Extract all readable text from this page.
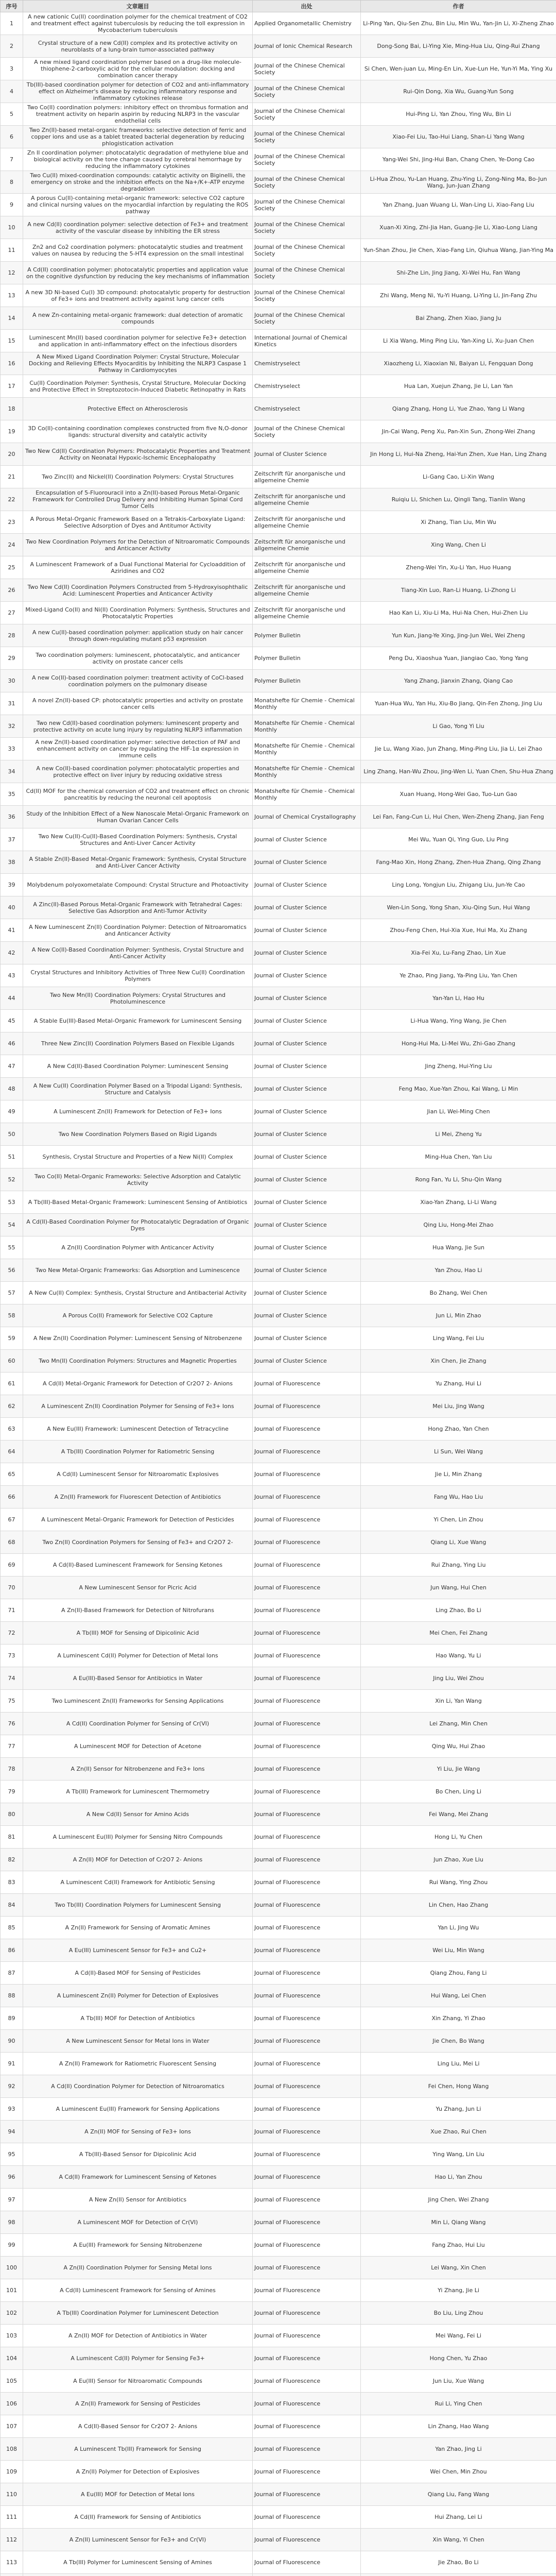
序号	文章题目	出处	作者
1	A new cationic Cu(II) coordination polymer for the chemical treatment of CO2 and treatment effect against tuberculosis by reducing the toll expression in Mycobacterium tuberculosis	Applied Organometallic Chemistry	Li-Ping Yan, Qiu-Sen Zhu, Bin Liu, Min Wu, Yan-Jin Li, Xi-Zheng Zhao
2	Crystal structure of a new Cd(II) complex and its protective activity on neuroblasts of a lung-brain tumor-associated pathway	Journal of Ionic Chemical Research	Dong-Song Bai, Li-Ying Xie, Ming-Hua Liu, Qing-Rui Zhang
3	A new mixed ligand coordination polymer based on a drug-like molecule-thiophene-2-carboxylic acid for the cellular modulation: docking and combination cancer therapy	Journal of the Chinese Chemical Society	Si Chen, Wen-juan Lu, Ming-En Lin, Xue-Lun He, Yun-Yi Ma, Ying Xu
4	Tb(III)-based coordination polymer for detection of CO2 and anti-inflammatory effect on Alzheimer's disease by reducing inflammatory response and inflammatory cytokines release	Journal of the Chinese Chemical Society	Rui-Qin Dong, Xia Wu, Guang-Yun Song
5	Two Co(II) coordination polymers: inhibitory effect on thrombus formation and treatment activity on heparin aspirin by reducing NLRP3 in the vascular endothelial cells	Journal of the Chinese Chemical Society	Hui-Ping Li, Yan Zhou, Ying Wu, Bin Li
6	Two Zn(II)-based metal-organic frameworks: selective detection of ferric and copper ions and use as a tablet treated bacterial degeneration by reducing phlogistication activation	Journal of the Chinese Chemical Society	Xiao-Fei Liu, Tao-Hui Liang, Shan-Li Yang Wang
7	Zn II coordination polymer: photocatalytic degradation of methylene blue and biological activity on the tone change caused by cerebral hemorrhage by reducing the inflammatory cytokines	Journal of the Chinese Chemical Society	Yang-Wei Shi, Jing-Hui Ban, Chang Chen, Ye-Dong Cao
8	Two Cu(II) mixed-coordination compounds: catalytic activity on Biginelli, the emergency on stroke and the inhibition effects on the Na+/K+-ATP enzyme degradation	Journal of the Chinese Chemical Society	Li-Hua Zhou, Yu-Lan Huang, Zhu-Ying Li, Zong-Ning Ma, Bo-Jun Wang, Jun-Juan Zhang
9	A porous Cu(II)-containing metal-organic framework: selective CO2 capture and clinical nursing values on the myocardial infarction by regulating the ROS pathway	Journal of the Chinese Chemical Society	Yan Zhang, Juan Wuang Li, Wan-Ling Li, Xiao-Fang Liu
10	A new Cd(II) coordination polymer: selective detection of Fe3+ and treatment activity of the vascular disease by inhibiting the ER stress	Journal of the Chinese Chemical Society	Xuan-Xi Xing, Zhi-Jia Han, Guang-Jie Li, Xiao-Long Liang
11	Zn2 and Co2 coordination polymers: photocatalytic studies and treatment values on nausea by reducing the 5-HT4 expression on the small intestinal	Journal of the Chinese Chemical Society	Yun-Shan Zhou, Jie Chen, Xiao-Fang Lin, Qiuhua Wang, Jian-Ying Ma
12	A Cd(II) coordination polymer: photocatalytic properties and application value on the cognitive dysfunction by reducing the key mechanisms of inflammation	Journal of the Chinese Chemical Society	Shi-Zhe Lin, Jing Jiang, Xi-Wei Hu, Fan Wang
13	A new 3D Ni-based Cu(I) 3D compound: photocatalytic property for destruction of Fe3+ ions and treatment activity against lung cancer cells	Journal of the Chinese Chemical Society	Zhi Wang, Meng Ni, Yu-Yi Huang, Li-Ying Li, Jin-Fang Zhu
14	A new Zn-containing metal-organic framework: dual detection of aromatic compounds	Journal of the Chinese Chemical Society	Bai Zhang, Zhen Xiao, Jiang Ju
15	Luminescent Mn(II) based coordination polymer for selective Fe3+ detection and application in anti-inflammatory effect on the infectious disorders	International Journal of Chemical Kinetics	Li Xia Wang, Ming Ping Liu, Yan-Xing Li, Xu-Juan Chen
16	A New Mixed Ligand Coordination Polymer: Crystal Structure, Molecular Docking and Relieving Effects Myocarditis by Inhibiting the NLRP3 Caspase 1 Pathway in Cardiomyocytes	Chemistryselect	Xiaozheng Li, Xiaoxian Ni, Baiyan Li, Fengquan Dong
17	Cu(II) Coordination Polymer: Synthesis, Crystal Structure, Molecular Docking and Protective Effect in Streptozotocin-Induced Diabetic Retinopathy in Rats	Chemistryselect	Hua Lan, Xuejun Zhang, Jie Li, Lan Yan
18	Protective Effect on Atherosclerosis	Chemistryselect	Qiang Zhang, Hong Li, Yue Zhao, Yang Li Wang
19	3D Co(II)-containing coordination complexes constructed from five N,O-donor ligands: structural diversity and catalytic activity	Journal of the Chinese Chemical Society	Jin-Cai Wang, Peng Xu, Pan-Xin Sun, Zhong-Wei Zhang
20	Two New Cd(II) Coordination Polymers: Photocatalytic Properties and Treatment Activity on Neonatal Hypoxic-Ischemic Encephalopathy	Journal of Cluster Science	Jin Hong Li, Hui-Na Zheng, Hai-Yun Zhen, Xue Han, Ling Zhang
21	Two Zinc(II) and Nickel(II) Coordination Polymers: Crystal Structures	Zeitschrift für anorganische und allgemeine Chemie	Li-Gang Cao, Li-Xin Wang
22	Encapsulation of 5-Fluorouracil into a Zn(II)-based Porous Metal-Organic Framework for Controlled Drug Delivery and Inhibiting Human Spinal Cord Tumor Cells	Zeitschrift für anorganische und allgemeine Chemie	Ruiqiu Li, Shichen Lu, Qingli Tang, Tianlin Wang
23	A Porous Metal-Organic Framework Based on a Tetrakis-Carboxylate Ligand: Selective Adsorption of Dyes and Antitumor Activity	Zeitschrift für anorganische und allgemeine Chemie	Xi Zhang, Tian Liu, Min Wu
24	Two New Coordination Polymers for the Detection of Nitroaromatic Compounds and Anticancer Activity	Zeitschrift für anorganische und allgemeine Chemie	Xing Wang, Chen Li
25	A Luminescent Framework of a Dual Functional Material for Cycloaddition of Aziridines and CO2	Zeitschrift für anorganische und allgemeine Chemie	Zheng-Wei Yin, Xu-Li Yan, Huo Huang
26	Two New Cd(II) Coordination Polymers Constructed from 5-Hydroxyisophthalic Acid: Luminescent Properties and Anticancer Activity	Zeitschrift für anorganische und allgemeine Chemie	Tiang-Xin Luo, Ran-Li Huang, Li-Zhong Li
27	Mixed-Ligand Co(II) and Ni(II) Coordination Polymers: Synthesis, Structures and Photocatalytic Properties	Zeitschrift für anorganische und allgemeine Chemie	Hao Kan Li, Xiu-Li Ma, Hui-Na Chen, Hui-Zhen Liu
28	A new Cu(II)-based coordination polymer: application study on hair cancer through down-regulating mutant p53 expression	Polymer Bulletin	Yun Kun, Jiang-Ye Xing, Jing-Jun Wei, Wei Zheng
29	Two coordination polymers: luminescent, photocatalytic, and anticancer activity on prostate cancer cells	Polymer Bulletin	Peng Du, Xiaoshua Yuan, Jiangiao Cao, Yong Yang
30	A new Co(II)-based coordination polymer: treatment activity of CoCl-based coordination polymers on the pulmonary disease	Polymer Bulletin	Yang Zhang, Jianxin Zhang, Qiang Cao
31	A novel Zn(II)-based CP: photocatalytic properties and activity on prostate cancer cells	Monatshefte für Chemie - Chemical Monthly	Yuan-Hua Wu, Yan Hu, Xiu-Bo Jiang, Qin-Fen Zhong, Jing Liu
32	Two new Cd(II)-based coordination polymers: luminescent property and protective activity on acute lung injury by regulating NLRP3 inflammation	Monatshefte für Chemie - Chemical Monthly	Li Gao, Yong Yi Liu
33	A new Zn(II)-based coordination polymer: selective detection of PAF and enhancement activity on cancer by regulating the HIF-1α expression in immune cells	Monatshefte für Chemie - Chemical Monthly	Jie Lu, Wang Xiao, Jun Zhang, Ming-Ping Liu, Jia Li, Lei Zhao
34	A new Co(II)-based coordination polymer: photocatalytic properties and protective effect on liver injury by reducing oxidative stress	Monatshefte für Chemie - Chemical Monthly	Ling Zhang, Han-Wu Zhou, Jing-Wen Li, Yuan Chen, Shu-Hua Zhang
35	Cd(II) MOF for the chemical conversion of CO2 and treatment effect on chronic pancreatitis by reducing the neuronal cell apoptosis	Monatshefte für Chemie - Chemical Monthly	Xuan Huang, Hong-Wei Gao, Tuo-Lun Gao
36	Study of the Inhibition Effect of a New Nanoscale Metal-Organic Framework on Human Ovarian Cancer Cells	Journal of Chemical Crystallography	Lei Fan, Fang-Cun Li, Hui Chen, Wen-Zheng Zhang, Jian Feng
37	Two New Cu(II)-Cu(II)-Based Coordination Polymers: Synthesis, Crystal Structures and Anti-Liver Cancer Activity	Journal of Cluster Science	Mei Wu, Yuan Qi, Ying Guo, Liu Ping
38	A Stable Zn(II)-Based Metal-Organic Framework: Synthesis, Crystal Structure and Anti-Liver Cancer Activity	Journal of Cluster Science	Fang-Mao Xin, Hong Zhang, Zhen-Hua Zhang, Qing Zhang
39	Molybdenum polyoxometalate Compound: Crystal Structure and Photoactivity	Journal of Cluster Science	Ling Long, Yongjun Liu, Zhigang Liu, Jun-Ye Cao
40	A Zinc(II)-Based Porous Metal-Organic Framework with Tetrahedral Cages: Selective Gas Adsorption and Anti-Tumor Activity	Journal of Cluster Science	Wen-Lin Song, Yong Shan, Xiu-Qing Sun, Hui Wang
41	A New Luminescent Zn(II) Coordination Polymer: Detection of Nitroaromatics and Anticancer Activity	Journal of Cluster Science	Zhou-Feng Chen, Hui-Xia Xue, Hui Ma, Xu Zhang
42	A New Co(II)-Based Coordination Polymer: Synthesis, Crystal Structure and Anti-Cancer Activity	Journal of Cluster Science	Xia-Fei Xu, Lu-Fang Zhao, Lin Xue
43	Crystal Structures and Inhibitory Activities of Three New Cu(II) Coordination Polymers	Journal of Cluster Science	Ye Zhao, Ping Jiang, Ya-Ping Liu, Yan Chen
44	Two New Mn(II) Coordination Polymers: Crystal Structures and Photoluminescence	Journal of Cluster Science	Yan-Yan Li, Hao Hu
45	A Stable Eu(III)-Based Metal-Organic Framework for Luminescent Sensing	Journal of Cluster Science	Li-Hua Wang, Ying Wang, Jie Chen
46	Three New Zinc(II) Coordination Polymers Based on Flexible Ligands	Journal of Cluster Science	Hong-Hui Ma, Li-Mei Wu, Zhi-Gao Zhang
47	A New Cd(II)-Based Coordination Polymer: Luminescent Sensing	Journal of Cluster Science	Jing Zheng, Hui-Ying Liu
48	A New Cu(II) Coordination Polymer Based on a Tripodal Ligand: Synthesis, Structure and Catalysis	Journal of Cluster Science	Feng Mao, Xue-Yan Zhou, Kai Wang, Li Min
49	A Luminescent Zn(II) Framework for Detection of Fe3+ Ions	Journal of Cluster Science	Jian Li, Wei-Ming Chen
50	Two New Coordination Polymers Based on Rigid Ligands	Journal of Cluster Science	Li Mei, Zheng Yu
51	Synthesis, Crystal Structure and Properties of a New Ni(II) Complex	Journal of Cluster Science	Ming-Hua Chen, Yan Liu
52	Two Co(II) Metal-Organic Frameworks: Selective Adsorption and Catalytic Activity	Journal of Cluster Science	Rong Fan, Yu Li, Shu-Qin Wang
53	A Tb(III)-Based Metal-Organic Framework: Luminescent Sensing of Antibiotics	Journal of Cluster Science	Xiao-Yan Zhang, Li-Li Wang
54	A Cd(II)-Based Coordination Polymer for Photocatalytic Degradation of Organic Dyes	Journal of Cluster Science	Qing Liu, Hong-Mei Zhao
55	A Zn(II) Coordination Polymer with Anticancer Activity	Journal of Cluster Science	Hua Wang, Jie Sun
56	Two New Metal-Organic Frameworks: Gas Adsorption and Luminescence	Journal of Cluster Science	Yan Zhou, Hao Li
57	A New Cu(II) Complex: Synthesis, Crystal Structure and Antibacterial Activity	Journal of Cluster Science	Bo Zhang, Wei Chen
58	A Porous Co(II) Framework for Selective CO2 Capture	Journal of Cluster Science	Jun Li, Min Zhao
59	A New Zn(II) Coordination Polymer: Luminescent Sensing of Nitrobenzene	Journal of Cluster Science	Ling Wang, Fei Liu
60	Two Mn(II) Coordination Polymers: Structures and Magnetic Properties	Journal of Cluster Science	Xin Chen, Jie Zhang
61	A Cd(II) Metal-Organic Framework for Detection of Cr2O7 2- Anions	Journal of Fluorescence	Yu Zhang, Hui Li
62	A Luminescent Zn(II) Coordination Polymer for Sensing of Fe3+ Ions	Journal of Fluorescence	Mei Liu, Jing Wang
63	A New Eu(III) Framework: Luminescent Detection of Tetracycline	Journal of Fluorescence	Hong Zhao, Yan Chen
64	A Tb(III) Coordination Polymer for Ratiometric Sensing	Journal of Fluorescence	Li Sun, Wei Wang
65	A Cd(II) Luminescent Sensor for Nitroaromatic Explosives	Journal of Fluorescence	Jie Li, Min Zhang
66	A Zn(II) Framework for Fluorescent Detection of Antibiotics	Journal of Fluorescence	Fang Wu, Hao Liu
67	A Luminescent Metal-Organic Framework for Detection of Pesticides	Journal of Fluorescence	Yi Chen, Lin Zhou
68	Two Zn(II) Coordination Polymers for Sensing of Fe3+ and Cr2O7 2-	Journal of Fluorescence	Qiang Li, Xue Wang
69	A Cd(II)-Based Luminescent Framework for Sensing Ketones	Journal of Fluorescence	Rui Zhang, Ying Liu
70	A New Luminescent Sensor for Picric Acid	Journal of Fluorescence	Jun Wang, Hui Chen
71	A Zn(II)-Based Framework for Detection of Nitrofurans	Journal of Fluorescence	Ling Zhao, Bo Li
72	A Tb(III) MOF for Sensing of Dipicolinic Acid	Journal of Fluorescence	Mei Chen, Fei Zhang
73	A Luminescent Cd(II) Polymer for Detection of Metal Ions	Journal of Fluorescence	Hao Wang, Yu Li
74	A Eu(III)-Based Sensor for Antibiotics in Water	Journal of Fluorescence	Jing Liu, Wei Zhou
75	Two Luminescent Zn(II) Frameworks for Sensing Applications	Journal of Fluorescence	Xin Li, Yan Wang
76	A Cd(II) Coordination Polymer for Sensing of Cr(VI)	Journal of Fluorescence	Lei Zhang, Min Chen
77	A Luminescent MOF for Detection of Acetone	Journal of Fluorescence	Qing Wu, Hui Zhao
78	A Zn(II) Sensor for Nitrobenzene and Fe3+ Ions	Journal of Fluorescence	Yi Liu, Jie Wang
79	A Tb(III) Framework for Luminescent Thermometry	Journal of Fluorescence	Bo Chen, Ling Li
80	A New Cd(II) Sensor for Amino Acids	Journal of Fluorescence	Fei Wang, Mei Zhang
81	A Luminescent Eu(III) Polymer for Sensing Nitro Compounds	Journal of Fluorescence	Hong Li, Yu Chen
82	A Zn(II) MOF for Detection of Cr2O7 2- Anions	Journal of Fluorescence	Jun Zhao, Xue Liu
83	A Luminescent Cd(II) Framework for Antibiotic Sensing	Journal of Fluorescence	Rui Wang, Ying Zhou
84	Two Tb(III) Coordination Polymers for Luminescent Sensing	Journal of Fluorescence	Lin Chen, Hao Zhang
85	A Zn(II) Framework for Sensing of Aromatic Amines	Journal of Fluorescence	Yan Li, Jing Wu
86	A Eu(III) Luminescent Sensor for Fe3+ and Cu2+	Journal of Fluorescence	Wei Liu, Min Wang
87	A Cd(II)-Based MOF for Sensing of Pesticides	Journal of Fluorescence	Qiang Zhou, Fang Li
88	A Luminescent Zn(II) Polymer for Detection of Explosives	Journal of Fluorescence	Hui Wang, Lei Chen
89	A Tb(III) MOF for Detection of Antibiotics	Journal of Fluorescence	Xin Zhang, Yi Zhao
90	A New Luminescent Sensor for Metal Ions in Water	Journal of Fluorescence	Jie Chen, Bo Wang
91	A Zn(II) Framework for Ratiometric Fluorescent Sensing	Journal of Fluorescence	Ling Liu, Mei Li
92	A Cd(II) Coordination Polymer for Detection of Nitroaromatics	Journal of Fluorescence	Fei Chen, Hong Wang
93	A Luminescent Eu(III) Framework for Sensing Applications	Journal of Fluorescence	Yu Zhang, Jun Li
94	A Zn(II) MOF for Sensing of Fe3+ Ions	Journal of Fluorescence	Xue Zhao, Rui Chen
95	A Tb(III)-Based Sensor for Dipicolinic Acid	Journal of Fluorescence	Ying Wang, Lin Liu
96	A Cd(II) Framework for Luminescent Sensing of Ketones	Journal of Fluorescence	Hao Li, Yan Zhou
97	A New Zn(II) Sensor for Antibiotics	Journal of Fluorescence	Jing Chen, Wei Zhang
98	A Luminescent MOF for Detection of Cr(VI)	Journal of Fluorescence	Min Li, Qiang Wang
99	A Eu(III) Framework for Sensing Nitrobenzene	Journal of Fluorescence	Fang Zhao, Hui Liu
100	A Zn(II) Coordination Polymer for Sensing Metal Ions	Journal of Fluorescence	Lei Wang, Xin Chen
101	A Cd(II) Luminescent Framework for Sensing of Amines	Journal of Fluorescence	Yi Zhang, Jie Li
102	A Tb(III) Coordination Polymer for Luminescent Detection	Journal of Fluorescence	Bo Liu, Ling Zhou
103	A Zn(II) MOF for Detection of Antibiotics in Water	Journal of Fluorescence	Mei Wang, Fei Li
104	A Luminescent Cd(II) Polymer for Sensing Fe3+	Journal of Fluorescence	Hong Chen, Yu Zhao
105	A Eu(III) Sensor for Nitroaromatic Compounds	Journal of Fluorescence	Jun Liu, Xue Wang
106	A Zn(II) Framework for Sensing of Pesticides	Journal of Fluorescence	Rui Li, Ying Chen
107	A Cd(II)-Based Sensor for Cr2O7 2- Anions	Journal of Fluorescence	Lin Zhang, Hao Wang
108	A Luminescent Tb(III) Framework for Sensing	Journal of Fluorescence	Yan Zhao, Jing Li
109	A Zn(II) Polymer for Detection of Explosives	Journal of Fluorescence	Wei Chen, Min Zhou
110	A Eu(III) MOF for Detection of Metal Ions	Journal of Fluorescence	Qiang Liu, Fang Wang
111	A Cd(II) Framework for Sensing of Antibiotics	Journal of Fluorescence	Hui Zhang, Lei Li
112	A Zn(II) Luminescent Sensor for Fe3+ and Cr(VI)	Journal of Fluorescence	Xin Wang, Yi Chen
113	A Tb(III) Polymer for Luminescent Sensing of Amines	Journal of Fluorescence	Jie Zhao, Bo Li
